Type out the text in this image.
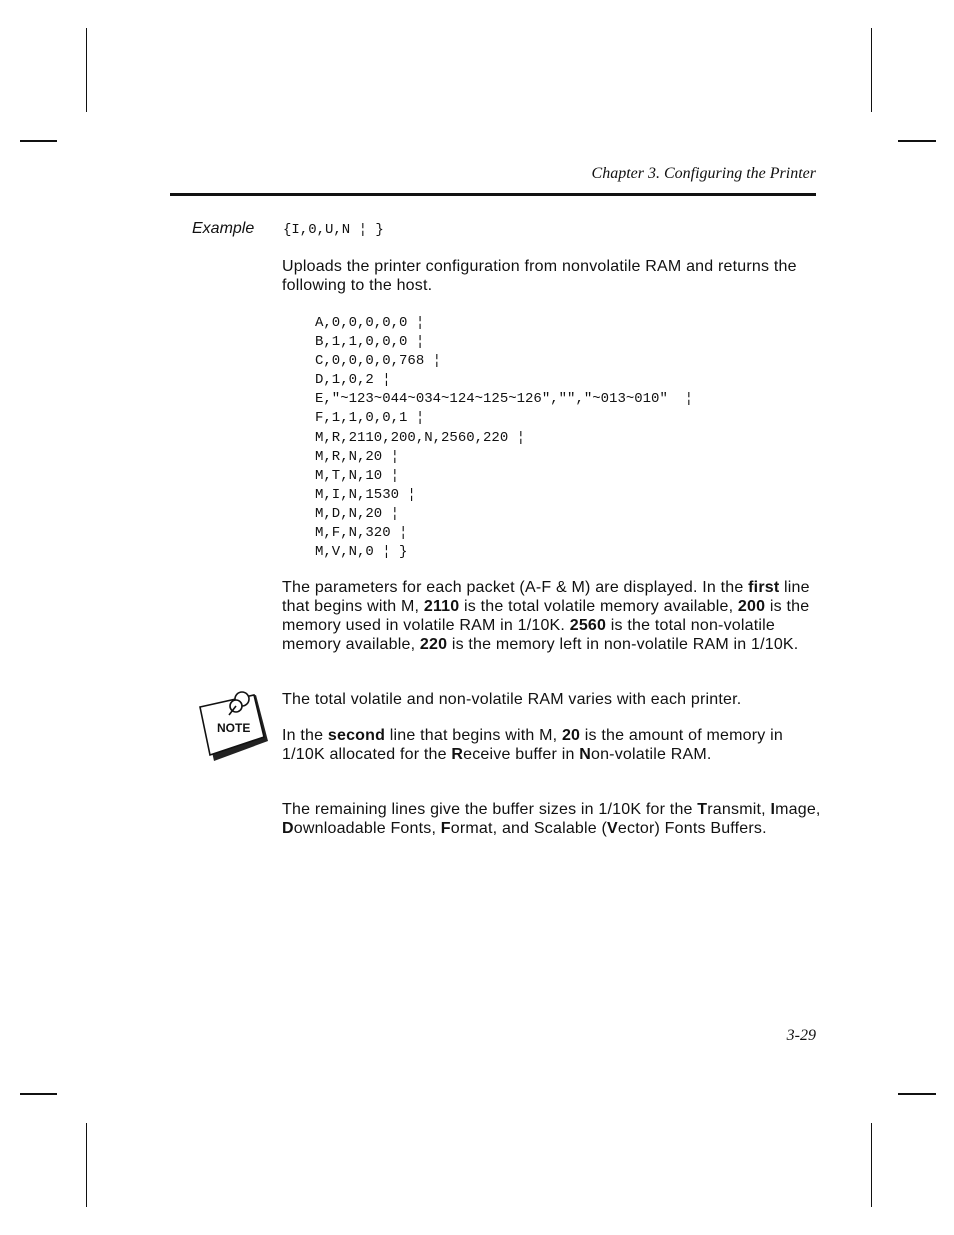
Chapter 3. Configuring the Printer
Example {I,0,U,N ¦ }
Uploads the printer configuration from nonvolatile RAM and returns the following to the host.
A,0,0,0,0,0 ¦
B,1,1,0,0,0 ¦
C,0,0,0,0,768 ¦
D,1,0,2 ¦
E,"~123~044~034~124~125~126","","~013~010"  ¦
F,1,1,0,0,1 ¦
M,R,2110,200,N,2560,220 ¦
M,R,N,20 ¦
M,T,N,10 ¦
M,I,N,1530 ¦
M,D,N,20 ¦
M,F,N,320 ¦
M,V,N,0 ¦ }
The parameters for each packet (A-F & M) are displayed. In the first line that begins with M, 2110 is the total volatile memory available, 200 is the memory used in volatile RAM in 1/10K. 2560 is the total non-volatile memory available, 220 is the memory left in non-volatile RAM in 1/10K.
NOTE
The total volatile and non-volatile RAM varies with each printer.
In the second line that begins with M, 20 is the amount of memory in 1/10K allocated for the Receive buffer in Non-volatile RAM.
The remaining lines give the buffer sizes in 1/10K for the Transmit, Image, Downloadable Fonts, Format, and Scalable (Vector) Fonts Buffers.
3-29
